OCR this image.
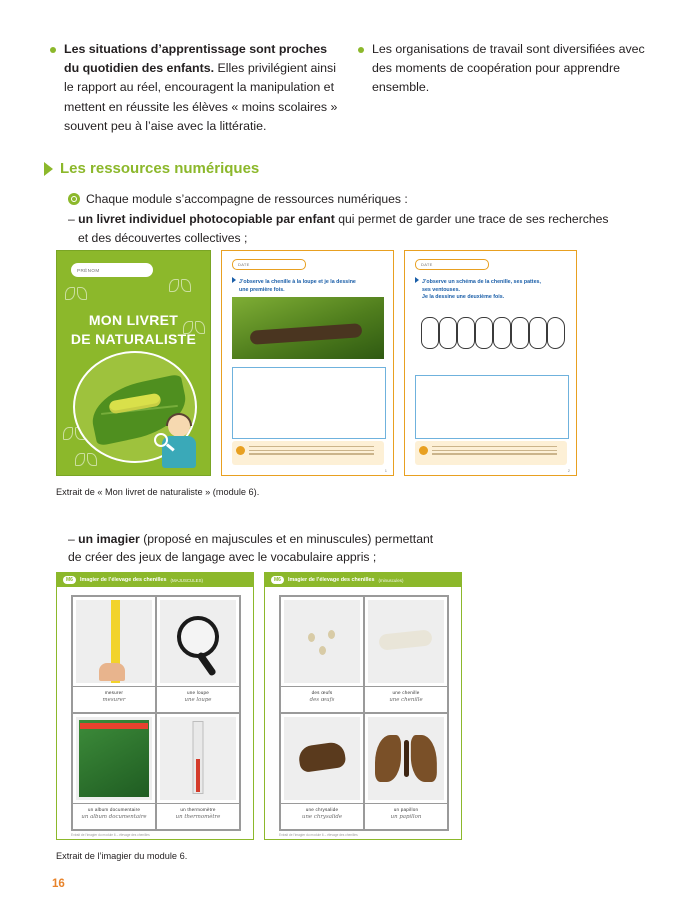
Les situations d’apprentissage sont proches du quotidien des enfants. Elles privilégient ainsi le rapport au réel, encouragent la manipulation et mettent en réussite les élèves « moins scolaires » souvent peu à l’aise avec la littératie.
Les organisations de travail sont diversifiées avec des moments de coopération pour apprendre ensemble.
Les ressources numériques
Chaque module s’accompagne de ressources numériques :
– un livret individuel photocopiable par enfant qui permet de garder une trace de ses recherches
et des découvertes collectives ;
PRÉNOM
MON LIVRET
DE NATURALISTE
DATE
J’observe la chenille à la loupe et je la dessine
une première fois.
1
DATE
J’observe un schéma de la chenille, ses pattes,
ses ventouses.
Je la dessine une deuxième fois.
2
Extrait de « Mon livret de naturaliste » (module 6).
– un imagier (proposé en majuscules et en minuscules) permettant
de créer des jeux de langage avec le vocabulaire appris ;
M6	Imagier de l’élevage des chenilles (MAJUSCULES)
mesurer
mesurer
une loupe
une loupe
un album documentaire
un album documentaire
un thermomètre
un thermomètre
Extrait de l’imagier du module 6 – élevage des chenilles
M6	Imagier de l’élevage des chenilles (minuscules)
des œufs
des œufs
une chenille
une chenille
une chrysalide
une chrysalide
un papillon
un papillon
Extrait de l’imagier du module 6 – élevage des chenilles
Extrait de l’imagier du module 6.
16
